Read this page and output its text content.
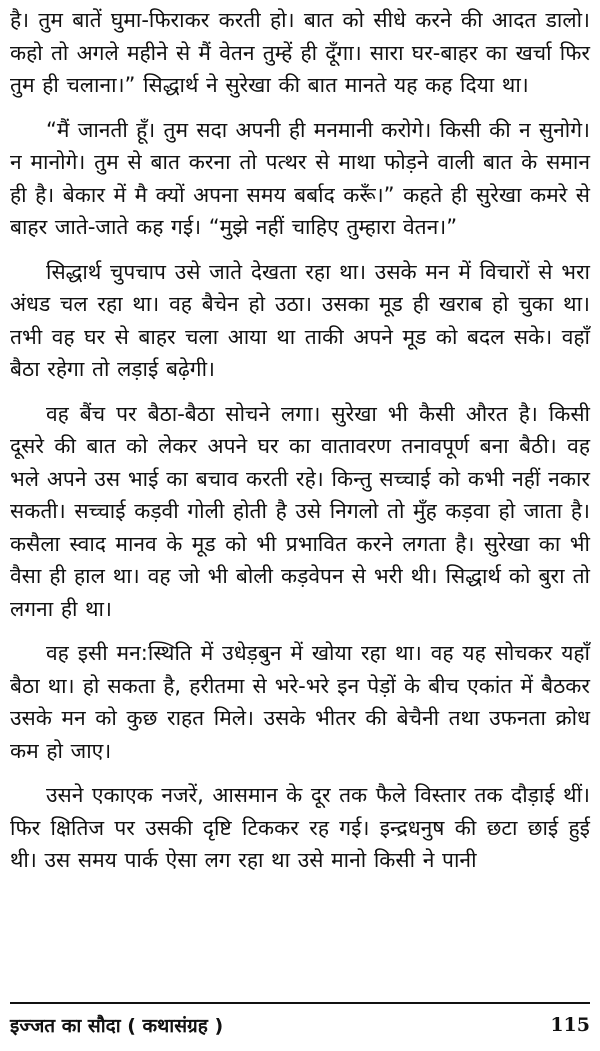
है। तुम बातें घुमा-फिराकर करती हो। बात को सीधे करने की आदत डालो। कहो तो अगले महीने से मैं वेतन तुम्हें ही दूँगा। सारा घर-बाहर का खर्चा फिर तुम ही चलाना।” सिद्धार्थ ने सुरेखा की बात मानते यह कह दिया था।

“मैं जानती हूँ। तुम सदा अपनी ही मनमानी करोगे। किसी की न सुनोगे। न मानोगे। तुम से बात करना तो पत्थर से माथा फोड़ने वाली बात के समान ही है। बेकार में मै क्यों अपना समय बर्बाद करूँ।” कहते ही सुरेखा कमरे से बाहर जाते-जाते कह गई। “मुझे नहीं चाहिए तुम्हारा वेतन।”

सिद्धार्थ चुपचाप उसे जाते देखता रहा था। उसके मन में विचारों से भरा अंधड चल रहा था। वह बैचेन हो उठा। उसका मूड ही खराब हो चुका था। तभी वह घर से बाहर चला आया था ताकी अपने मूड को बदल सके। वहाँ बैठा रहेगा तो लड़ाई बढ़ेगी।

वह बैंच पर बैठा-बैठा सोचने लगा। सुरेखा भी कैसी औरत है। किसी दूसरे की बात को लेकर अपने घर का वातावरण तनावपूर्ण बना बैठी। वह भले अपने उस भाई का बचाव करती रहे। किन्तु सच्चाई को कभी नहीं नकार सकती। सच्चाई कड़वी गोली होती है उसे निगलो तो मुँह कड़वा हो जाता है। कसैला स्वाद मानव के मूड को भी प्रभावित करने लगता है। सुरेखा का भी वैसा ही हाल था। वह जो भी बोली कड़वेपन से भरी थी। सिद्धार्थ को बुरा तो लगना ही था।

वह इसी मन:स्थिति में उधेड़बुन में खोया रहा था। वह यह सोचकर यहाँ बैठा था। हो सकता है, हरीतमा से भरे-भरे इन पेड़ों के बीच एकांत में बैठकर उसके मन को कुछ राहत मिले। उसके भीतर की बेचैनी तथा उफनता क्रोध कम हो जाए।

उसने एकाएक नजरें, आसमान के दूर तक फैले विस्तार तक दौड़ाई थीं। फिर क्षितिज पर उसकी दृष्टि टिककर रह गई। इन्द्रधनुष की छटा छाई हुई थी। उस समय पार्क ऐसा लग रहा था उसे मानो किसी ने पानी

इज्जत का सौदा ( कथासंग्रह )	115
